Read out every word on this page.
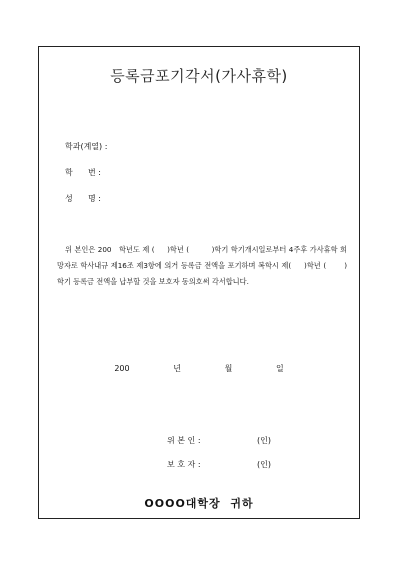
등록금포기각서(가사휴학)
학과(계열) :
학      번 :
성      명 :

위 본인은 200   학년도 제 (     )학년 (         )학기 학기개시일로부터 4주후 가사휴학 희망자로 학사내규 제16조 제3항에 의거 등록금 전액을 포기하며 복학시 제(     )학년 (       )학기 등록금 전액을 납부할 것을 보호자 동의호써 각서합니다.

200   년   월   일
위 본 인 :	(인)
보 호 자 :	(인)
OOOO대학장  귀하
